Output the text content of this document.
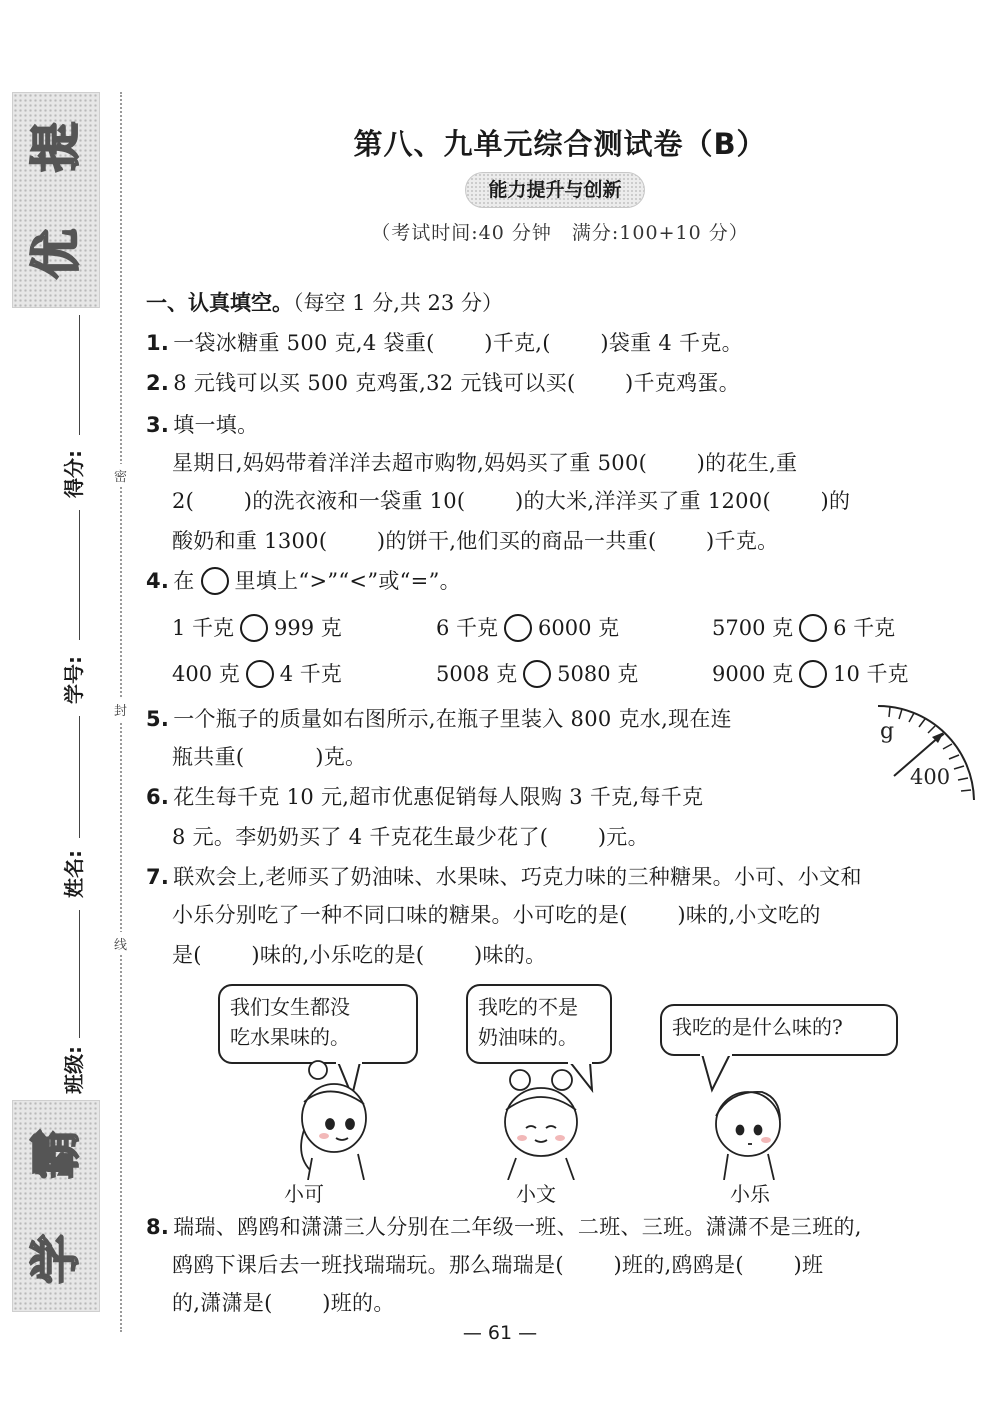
提
优
得分:
学号:
姓名:
班级:
霸
学
密
封
线
第八、九单元综合测试卷（B）
能力提升与创新
（考试时间:40 分钟　满分:100+10 分）
一、认真填空。（每空 1 分,共 23 分）
1. 一袋冰糖重 500 克,4 袋重(　　 )千克,(　　 )袋重 4 千克。
2. 8 元钱可以买 500 克鸡蛋,32 元钱可以买(　　 )千克鸡蛋。
3. 填一填。
星期日,妈妈带着洋洋去超市购物,妈妈买了重 500(　　 )的花生,重
2(　　 )的洗衣液和一袋重 10(　　 )的大米,洋洋买了重 1200(　　 )的
酸奶和重 1300(　　 )的饼干,他们买的商品一共重(　　 )千克。
4. 在 里填上“>”“<”或“=”。
1 千克 999 克	6 千克 6000 克	5700 克 6 千克
400 克 4 千克	5008 克 5080 克	9000 克 10 千克
5. 一个瓶子的质量如右图所示,在瓶子里装入 800 克水,现在连
瓶共重(　　　 )克。
g
400
6. 花生每千克 10 元,超市优惠促销每人限购 3 千克,每千克
8 元。李奶奶买了 4 千克花生最少花了(　　 )元。
7. 联欢会上,老师买了奶油味、水果味、巧克力味的三种糖果。小可、小文和
小乐分别吃了一种不同口味的糖果。小可吃的是(　　 )味的,小文吃的
是(　　 )味的,小乐吃的是(　　 )味的。
我们女生都没
吃水果味的。
我吃的不是
奶油味的。	我吃的是什么味的?
小可	小文	小乐
8. 瑞瑞、鸥鸥和潇潇三人分别在二年级一班、二班、三班。潇潇不是三班的,
鸥鸥下课后去一班找瑞瑞玩。那么瑞瑞是(　　 )班的,鸥鸥是(　　 )班
的,潇潇是(　　 )班的。
— 61 —
